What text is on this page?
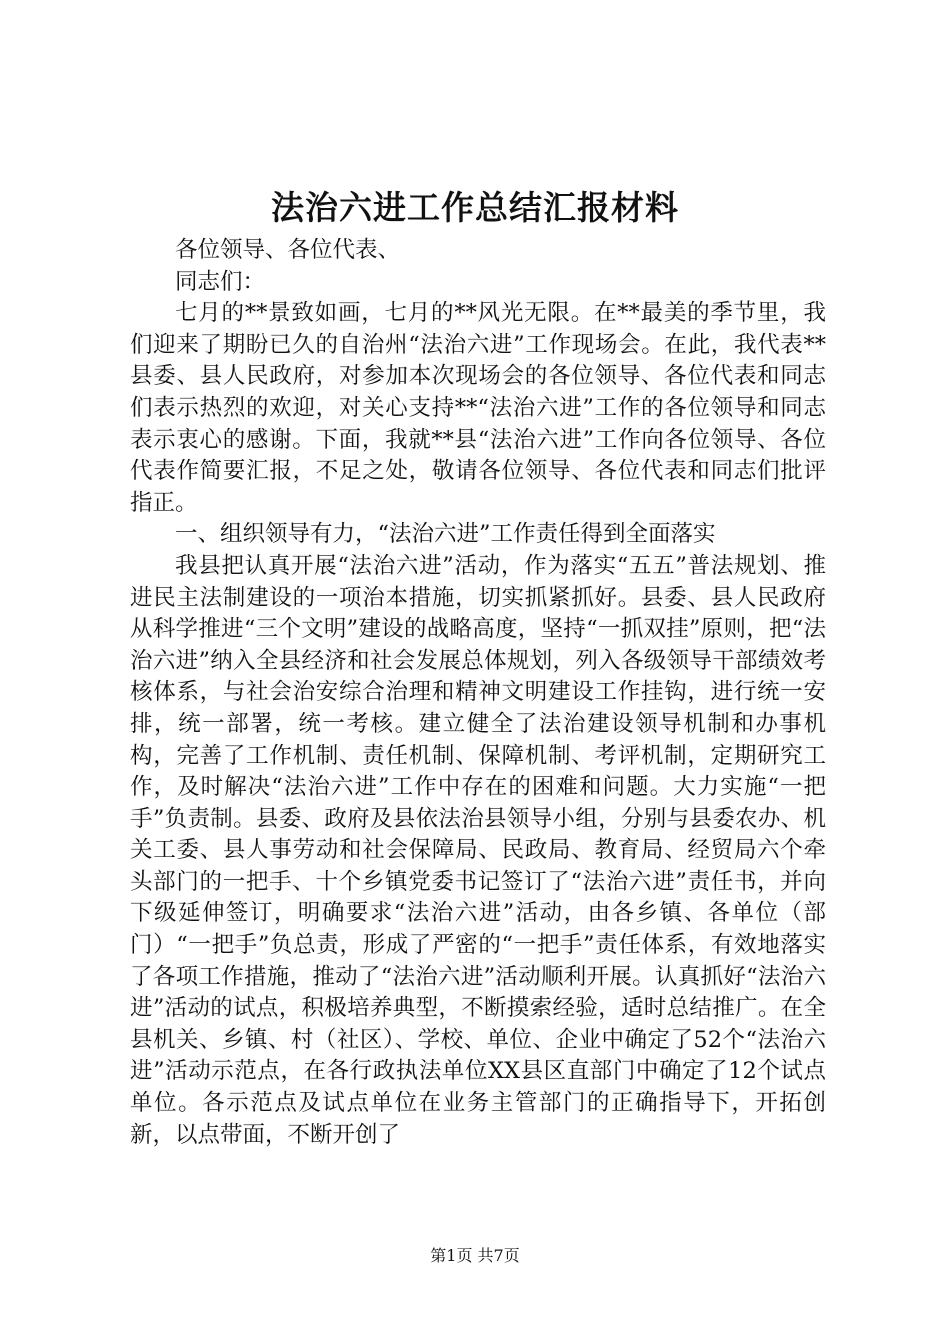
法治六进工作总结汇报材料

各位领导、各位代表、

同志们：

七月的**景致如画，七月的**风光无限。在**最美的季节里，我们迎来了期盼已久的自治州“法治六进”工作现场会。在此，我代表**县委、县人民政府，对参加本次现场会的各位领导、各位代表和同志们表示热烈的欢迎，对关心支持**“法治六进”工作的各位领导和同志表示衷心的感谢。下面，我就**县“法治六进”工作向各位领导、各位代表作简要汇报，不足之处，敬请各位领导、各位代表和同志们批评指正。

一、组织领导有力，“法治六进”工作责任得到全面落实

我县把认真开展“法治六进”活动，作为落实“五五”普法规划、推进民主法制建设的一项治本措施，切实抓紧抓好。县委、县人民政府从科学推进“三个文明”建设的战略高度，坚持“一抓双挂”原则，把“法治六进”纳入全县经济和社会发展总体规划，列入各级领导干部绩效考核体系，与社会治安综合治理和精神文明建设工作挂钩，进行统一安排，统一部署，统一考核。建立健全了法治建设领导机制和办事机构，完善了工作机制、责任机制、保障机制、考评机制，定期研究工作，及时解决“法治六进”工作中存在的困难和问题。大力实施“一把手”负责制。县委、政府及县依法治县领导小组，分别与县委农办、机关工委、县人事劳动和社会保障局、民政局、教育局、经贸局六个牵头部门的一把手、十个乡镇党委书记签订了“法治六进”责任书，并向下级延伸签订，明确要求“法治六进”活动，由各乡镇、各单位（部门）“一把手”负总责，形成了严密的“一把手”责任体系，有效地落实了各项工作措施，推动了“法治六进”活动顺利开展。认真抓好“法治六进”活动的试点，积极培养典型，不断摸索经验，适时总结推广。在全县机关、乡镇、村（社区）、学校、单位、企业中确定了52个“法治六进”活动示范点，在各行政执法单位XX县区直部门中确定了12个试点单位。各示范点及试点单位在业务主管部门的正确指导下，开拓创新，以点带面，不断开创了

第1页 共7页
